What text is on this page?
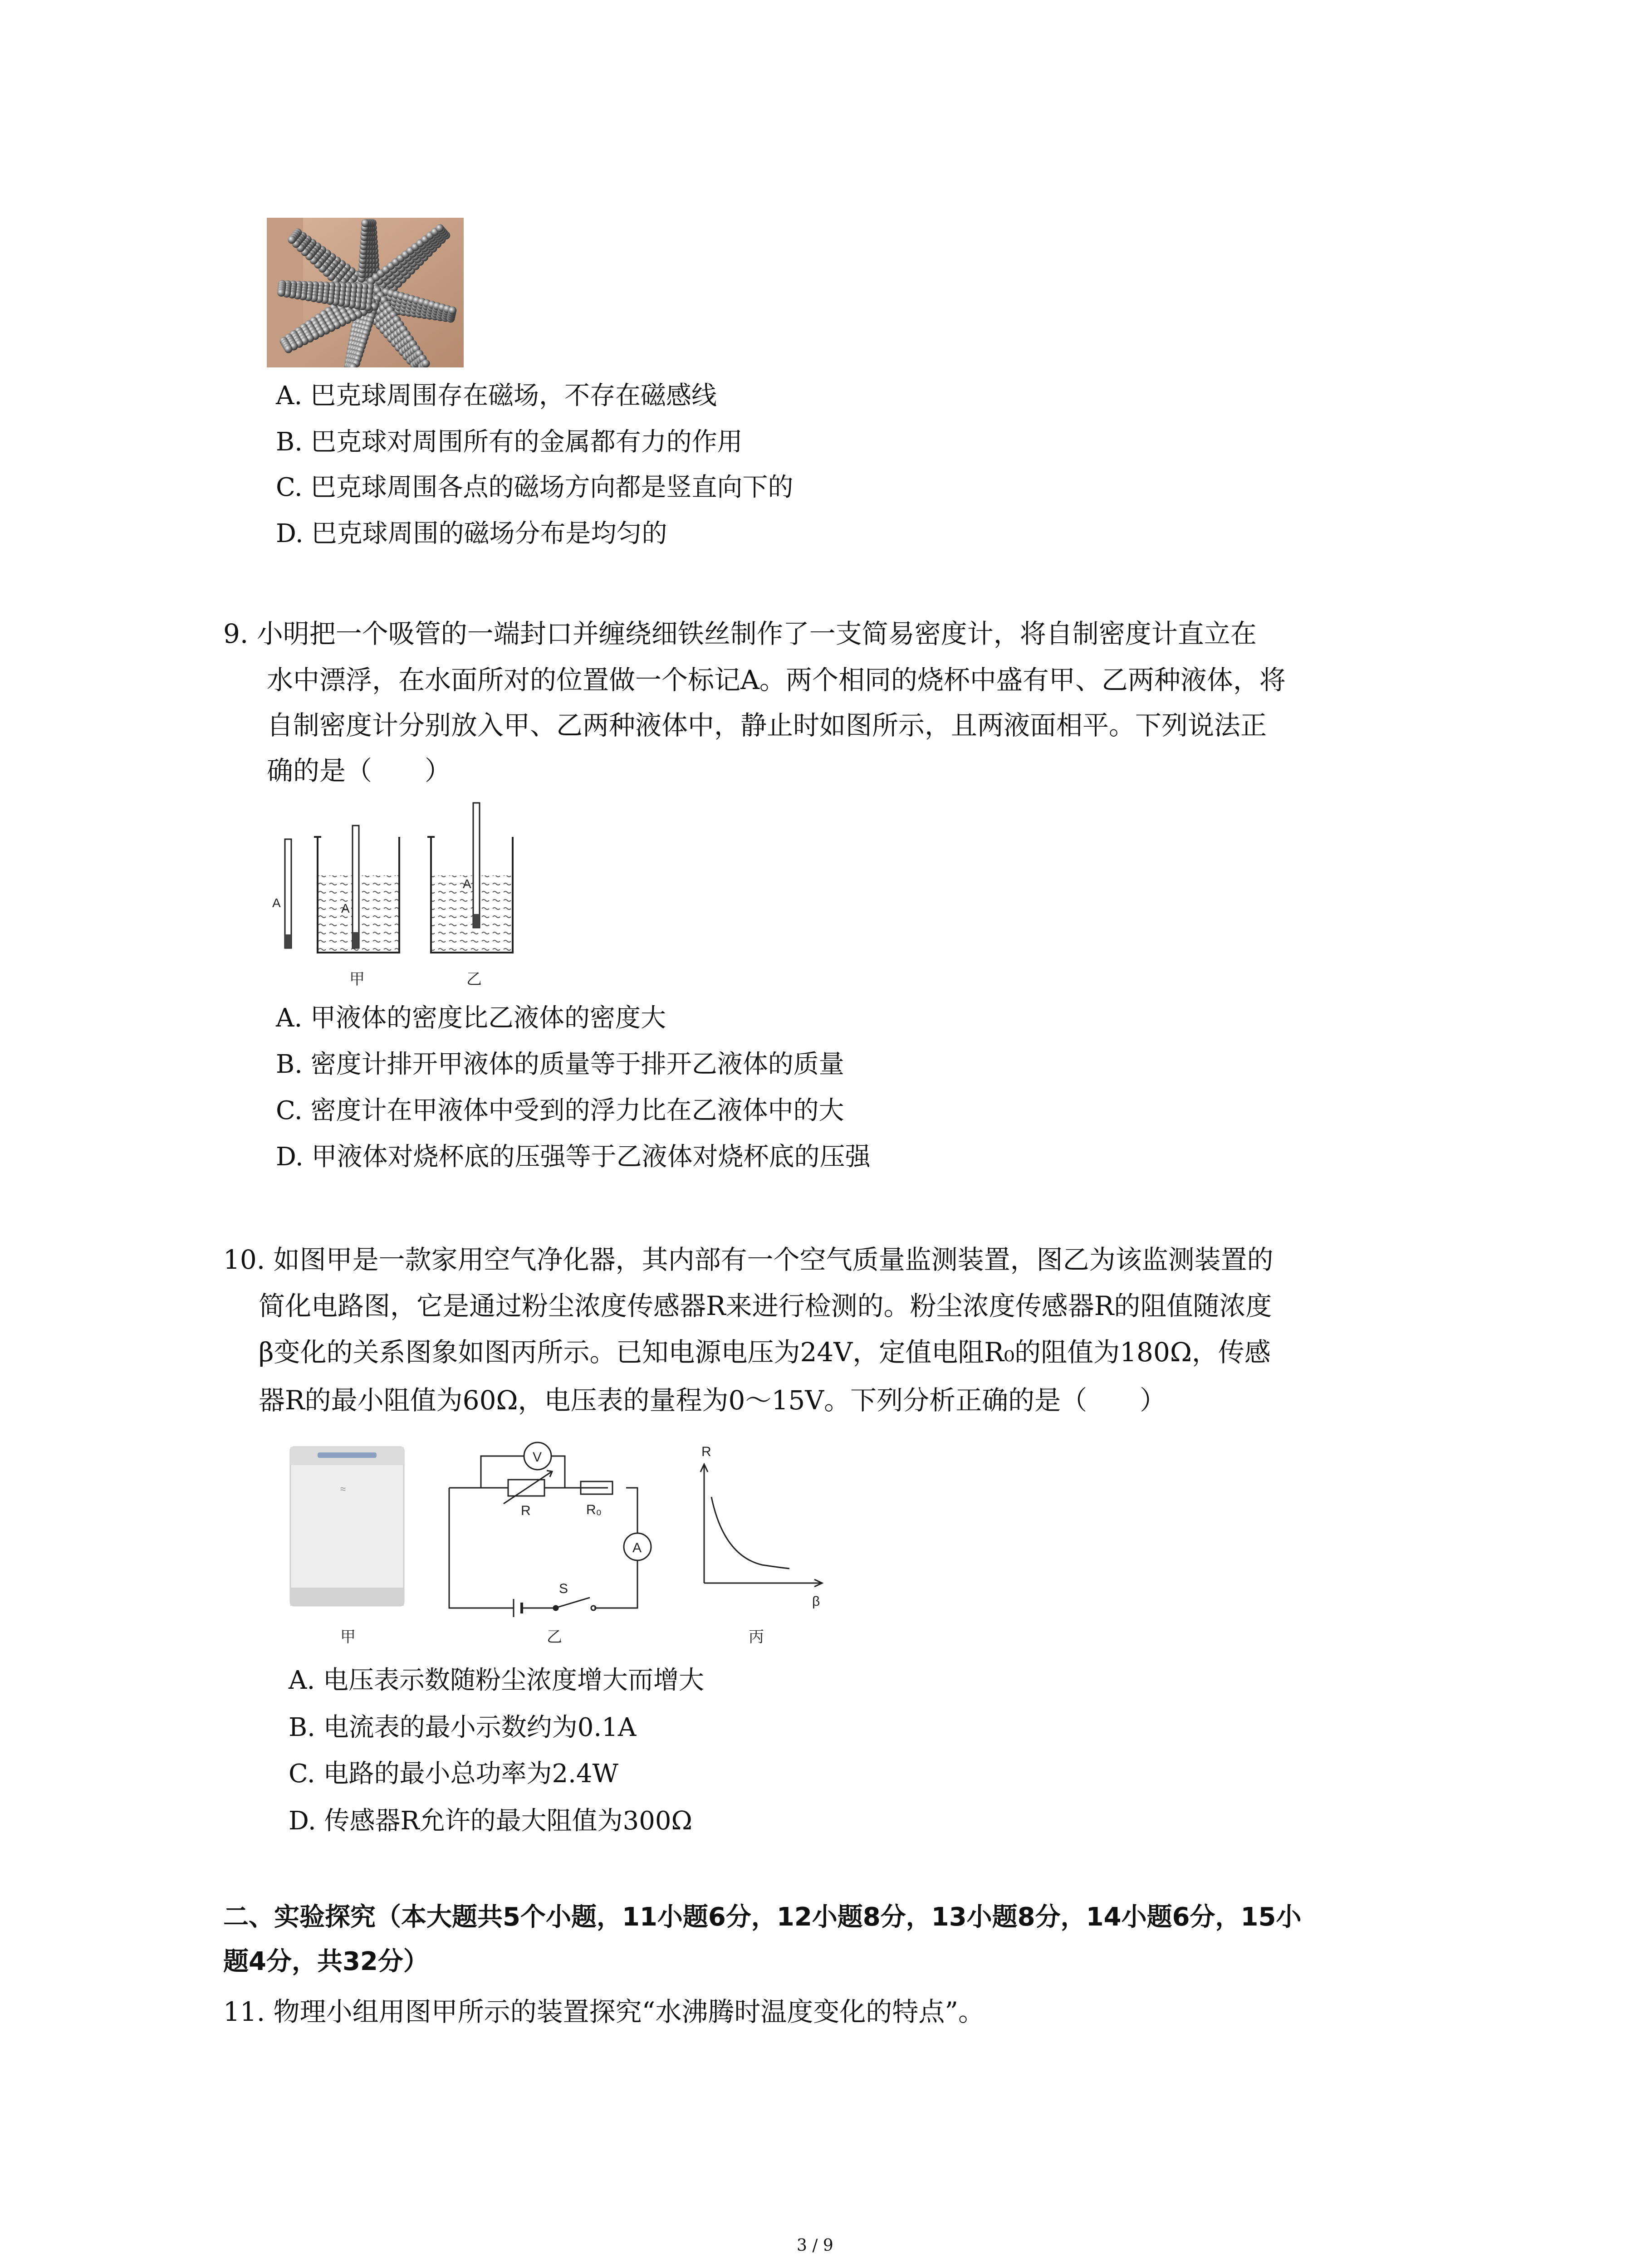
A. 巴克球周围存在磁场，不存在磁感线
B. 巴克球对周围所有的金属都有力的作用
C. 巴克球周围各点的磁场方向都是竖直向下的
D. 巴克球周围的磁场分布是均匀的
9. 小明把一个吸管的一端封口并缠绕细铁丝制作了一支简易密度计，将自制密度计直立在
水中漂浮，在水面所对的位置做一个标记A。两个相同的烧杯中盛有甲、乙两种液体，将
自制密度计分别放入甲、乙两种液体中，静止时如图所示，且两液面相平。下列说法正
确的是（　　）
A	A
A
甲	乙
A. 甲液体的密度比乙液体的密度大
B. 密度计排开甲液体的质量等于排开乙液体的质量
C. 密度计在甲液体中受到的浮力比在乙液体中的大
D. 甲液体对烧杯底的压强等于乙液体对烧杯底的压强
10. 如图甲是一款家用空气净化器，其内部有一个空气质量监测装置，图乙为该监测装置的
简化电路图，它是通过粉尘浓度传感器R来进行检测的。粉尘浓度传感器R的阻值随浓度
β变化的关系图象如图丙所示。已知电源电压为24V，定值电阻R₀的阻值为180Ω，传感
器R的最小阻值为60Ω，电压表的量程为0～15V。下列分析正确的是（　　）
≈
甲
V
R	R₀
A
S
乙
R
β
丙
A. 电压表示数随粉尘浓度增大而增大
B. 电流表的最小示数约为0.1A
C. 电路的最小总功率为2.4W
D. 传感器R允许的最大阻值为300Ω
二、实验探究（本大题共5个小题，11小题6分，12小题8分，13小题8分，14小题6分，15小
题4分，共32分）
11. 物理小组用图甲所示的装置探究“水沸腾时温度变化的特点”。
3 / 9
